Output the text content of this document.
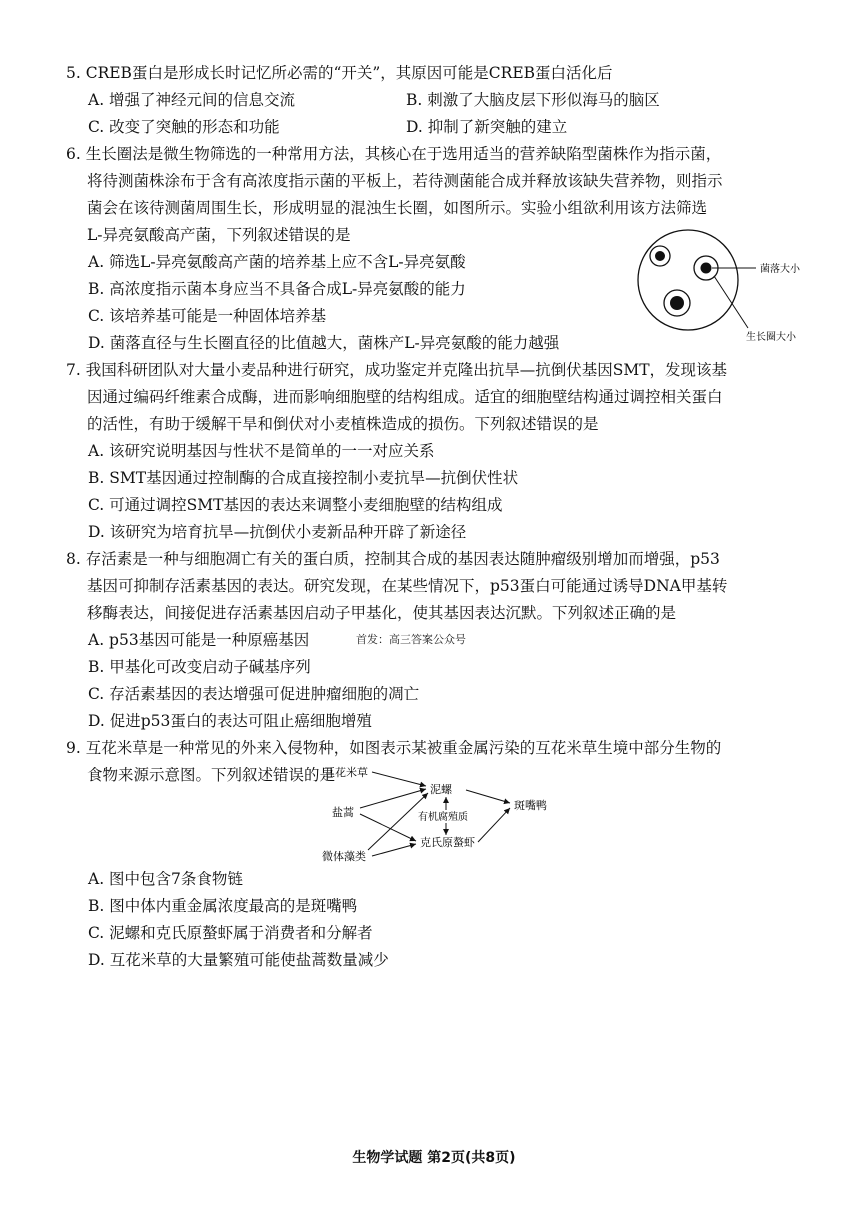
5. CREB蛋白是形成长时记忆所必需的“开关”，其原因可能是CREB蛋白活化后
A. 增强了神经元间的信息交流	B. 刺激了大脑皮层下形似海马的脑区
C. 改变了突触的形态和功能	D. 抑制了新突触的建立
6. 生长圈法是微生物筛选的一种常用方法，其核心在于选用适当的营养缺陷型菌株作为指示菌，
将待测菌株涂布于含有高浓度指示菌的平板上，若待测菌能合成并释放该缺失营养物，则指示
菌会在该待测菌周围生长，形成明显的混浊生长圈，如图所示。实验小组欲利用该方法筛选
L-异亮氨酸高产菌，下列叙述错误的是
A. 筛选L-异亮氨酸高产菌的培养基上应不含L-异亮氨酸
B. 高浓度指示菌本身应当不具备合成L-异亮氨酸的能力
C. 该培养基可能是一种固体培养基
D. 菌落直径与生长圈直径的比值越大，菌株产L-异亮氨酸的能力越强
菌落大小
生长圈大小
7. 我国科研团队对大量小麦品种进行研究，成功鉴定并克隆出抗旱—抗倒伏基因SMT，发现该基
因通过编码纤维素合成酶，进而影响细胞壁的结构组成。适宜的细胞壁结构通过调控相关蛋白
的活性，有助于缓解干旱和倒伏对小麦植株造成的损伤。下列叙述错误的是
A. 该研究说明基因与性状不是简单的一一对应关系
B. SMT基因通过控制酶的合成直接控制小麦抗旱—抗倒伏性状
C. 可通过调控SMT基因的表达来调整小麦细胞壁的结构组成
D. 该研究为培育抗旱—抗倒伏小麦新品种开辟了新途径
8. 存活素是一种与细胞凋亡有关的蛋白质，控制其合成的基因表达随肿瘤级别增加而增强，p53
基因可抑制存活素基因的表达。研究发现，在某些情况下，p53蛋白可能通过诱导DNA甲基转
移酶表达，间接促进存活素基因启动子甲基化，使其基因表达沉默。下列叙述正确的是
A. p53基因可能是一种原癌基因	首发：高三答案公众号
B. 甲基化可改变启动子碱基序列
C. 存活素基因的表达增强可促进肿瘤细胞的凋亡
D. 促进p53蛋白的表达可阻止癌细胞增殖
9. 互花米草是一种常见的外来入侵物种，如图表示某被重金属污染的互花米草生境中部分生物的
食物来源示意图。下列叙述错误的是
互花米草
盐蒿
微体藻类
泥螺
有机腐殖质
克氏原螯虾
斑嘴鸭
A. 图中包含7条食物链
B. 图中体内重金属浓度最高的是斑嘴鸭
C. 泥螺和克氏原螯虾属于消费者和分解者
D. 互花米草的大量繁殖可能使盐蒿数量减少
生物学试题 第2页(共8页)
